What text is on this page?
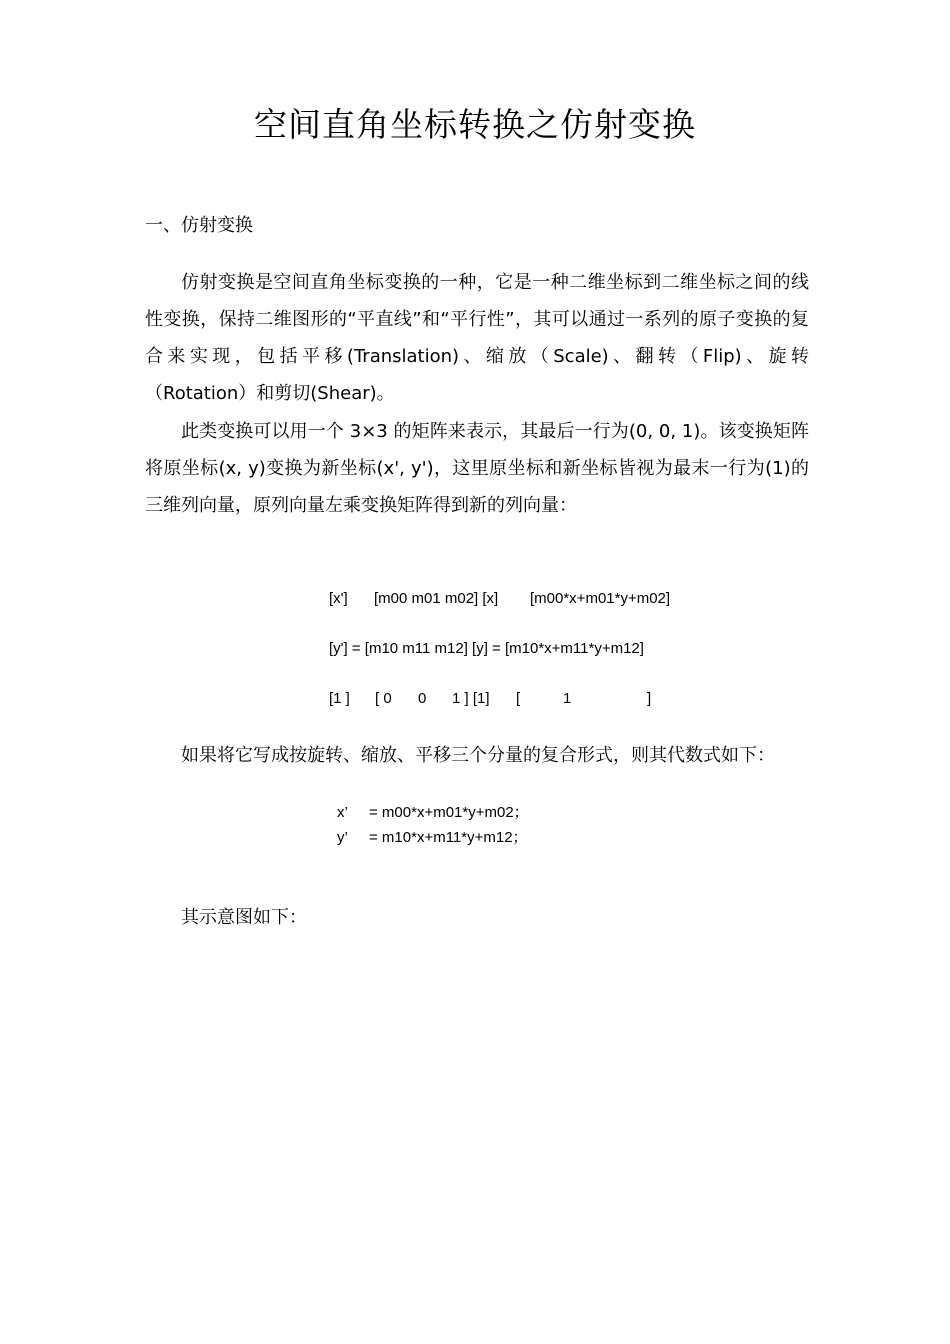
空间直角坐标转换之仿射变换
一、仿射变换
仿射变换是空间直角坐标变换的一种，它是一种二维坐标到二维坐标之间的线性变换，保持二维图形的“平直线”和“平行性”，其可以通过一系列的原子变换的复合来实现，包括平移(Translation)、缩放（Scale)、翻转（Flip)、旋转（Rotation）和剪切(Shear)。
此类变换可以用一个 3×3 的矩阵来表示，其最后一行为(0, 0, 1)。该变换矩阵将原坐标(x, y)变换为新坐标(x', y')，这里原坐标和新坐标皆视为最末一行为(1)的三维列向量，原列向量左乘变换矩阵得到新的列向量：
[x'] [m00 m01 m02] [x] [m00*x+m01*y+m02]
[y'] = [m10 m11 m12] [y] = [m10*x+m11*y+m12]
[1 ] [ 0 0 1 ] [1] [	1	]
如果将它写成按旋转、缩放、平移三个分量的复合形式，则其代数式如下：
x’ = m00*x+m01*y+m02；
y’ = m10*x+m11*y+m12；
其示意图如下：
